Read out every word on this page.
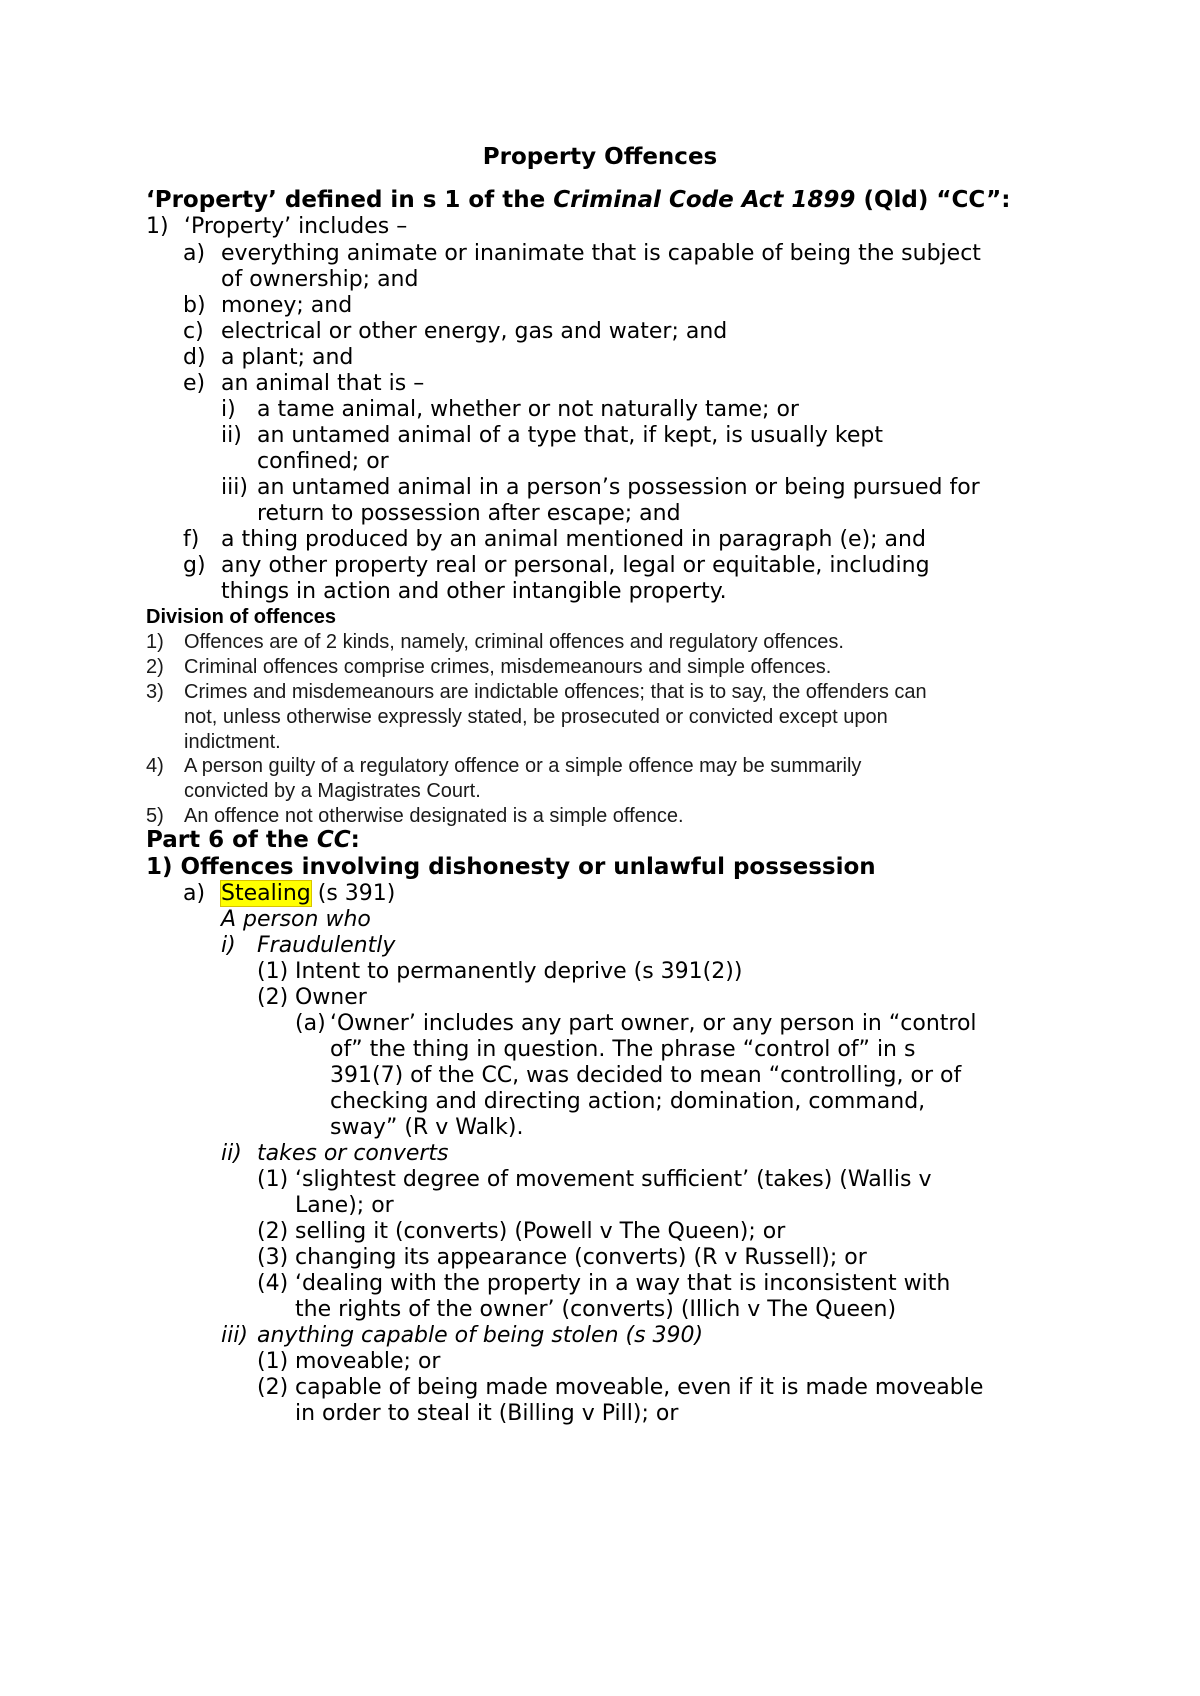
Property Offences
‘Property’ defined in s 1 of the Criminal Code Act 1899 (Qld) “CC”:
1) ‘Property’ includes –
a) everything animate or inanimate that is capable of being the subject
of ownership; and
b) money; and
c) electrical or other energy, gas and water; and
d) a plant; and
e) an animal that is –
i) a tame animal, whether or not naturally tame; or
ii) an untamed animal of a type that, if kept, is usually kept
confined; or
iii) an untamed animal in a person’s possession or being pursued for
return to possession after escape; and
f) a thing produced by an animal mentioned in paragraph (e); and
g) any other property real or personal, legal or equitable, including
things in action and other intangible property.
Division of offences
1) Offences are of 2 kinds, namely, criminal offences and regulatory offences.
2) Criminal offences comprise crimes, misdemeanours and simple offences.
3) Crimes and misdemeanours are indictable offences; that is to say, the offenders can
not, unless otherwise expressly stated, be prosecuted or convicted except upon
indictment.
4) A person guilty of a regulatory offence or a simple offence may be summarily
convicted by a Magistrates Court.
5) An offence not otherwise designated is a simple offence.
Part 6 of the CC:
1) Offences involving dishonesty or unlawful possession
a) Stealing (s 391)
A person who
i) Fraudulently
(1) Intent to permanently deprive (s 391(2))
(2) Owner
(a) ‘Owner’ includes any part owner, or any person in “control
of” the thing in question. The phrase “control of” in s
391(7) of the CC, was decided to mean “controlling, or of
checking and directing action; domination, command,
sway” (R v Walk).
ii) takes or converts
(1) ‘slightest degree of movement sufficient’ (takes) (Wallis v
Lane); or
(2) selling it (converts) (Powell v The Queen); or
(3) changing its appearance (converts) (R v Russell); or
(4) ‘dealing with the property in a way that is inconsistent with
the rights of the owner’ (converts) (Illich v The Queen)
iii) anything capable of being stolen (s 390)
(1) moveable; or
(2) capable of being made moveable, even if it is made moveable
in order to steal it (Billing v Pill); or
